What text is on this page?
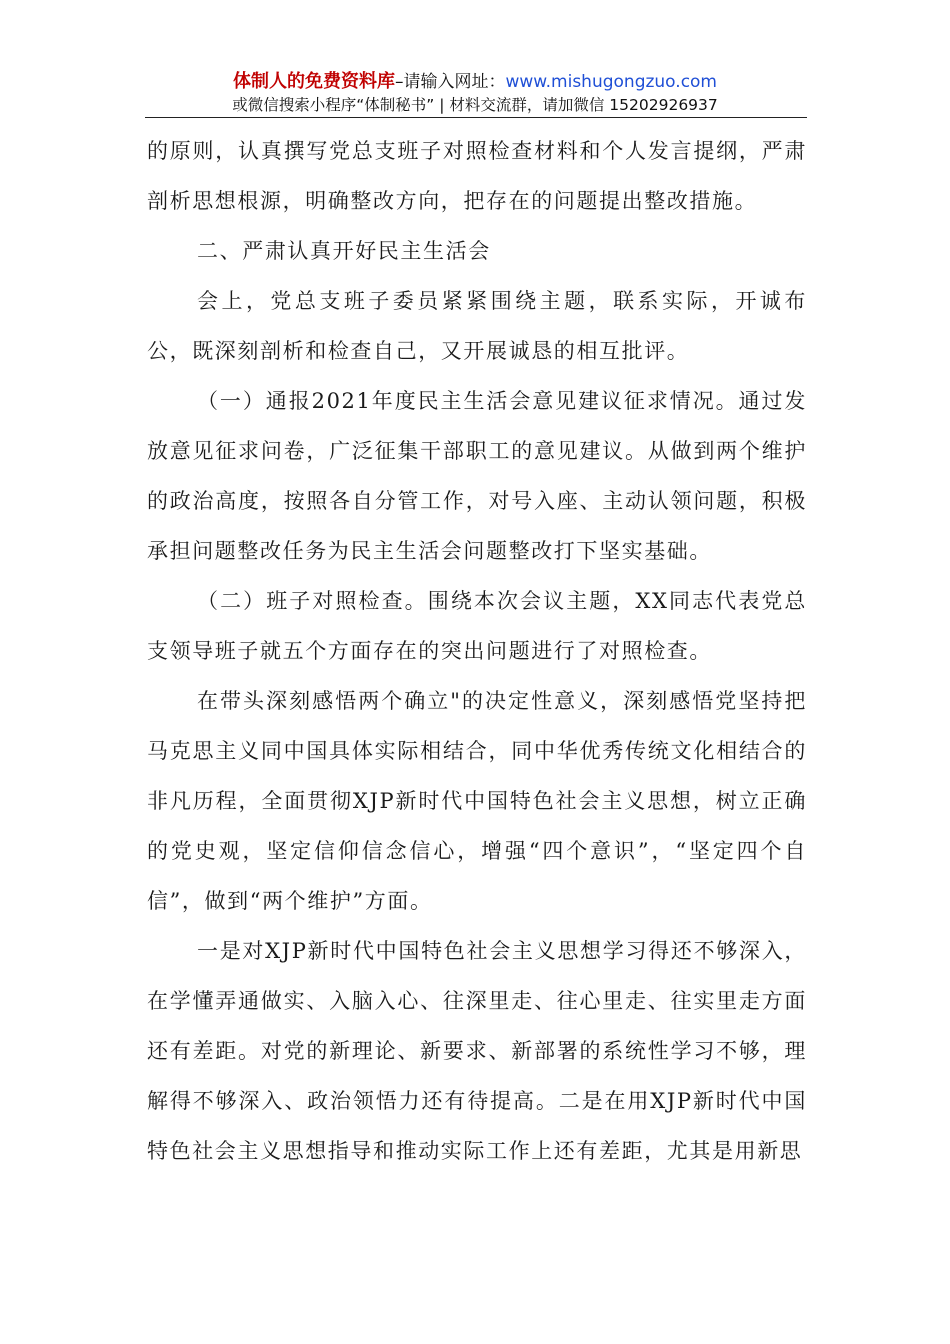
体制人的免费资料库–请输入网址：www.mishugongzuo.com
或微信搜索小程序“体制秘书” | 材料交流群，请加微信 15202926937

的原则，认真撰写党总支班子对照检查材料和个人发言提纲，严肃剖析思想根源，明确整改方向，把存在的问题提出整改措施。

二、严肃认真开好民主生活会

会上，党总支班子委员紧紧围绕主题，联系实际，开诚布公，既深刻剖析和检查自己，又开展诚恳的相互批评。

（一）通报2021年度民主生活会意见建议征求情况。通过发放意见征求问卷，广泛征集干部职工的意见建议。从做到两个维护的政治高度，按照各自分管工作，对号入座、主动认领问题，积极承担问题整改任务为民主生活会问题整改打下坚实基础。

（二）班子对照检查。围绕本次会议主题，XX同志代表党总支领导班子就五个方面存在的突出问题进行了对照检查。

在带头深刻感悟两个确立"的决定性意义，深刻感悟党坚持把马克思主义同中国具体实际相结合，同中华优秀传统文化相结合的非凡历程，全面贯彻XJP新时代中国特色社会主义思想，树立正确的党史观，坚定信仰信念信心，增强“四个意识”，“坚定四个自信”，做到“两个维护”方面。

一是对XJP新时代中国特色社会主义思想学习得还不够深入，在学懂弄通做实、入脑入心、往深里走、往心里走、往实里走方面还有差距。对党的新理论、新要求、新部署的系统性学习不够，理解得不够深入、政治领悟力还有待提高。二是在用XJP新时代中国特色社会主义思想指导和推动实际工作上还有差距，尤其是用新思
